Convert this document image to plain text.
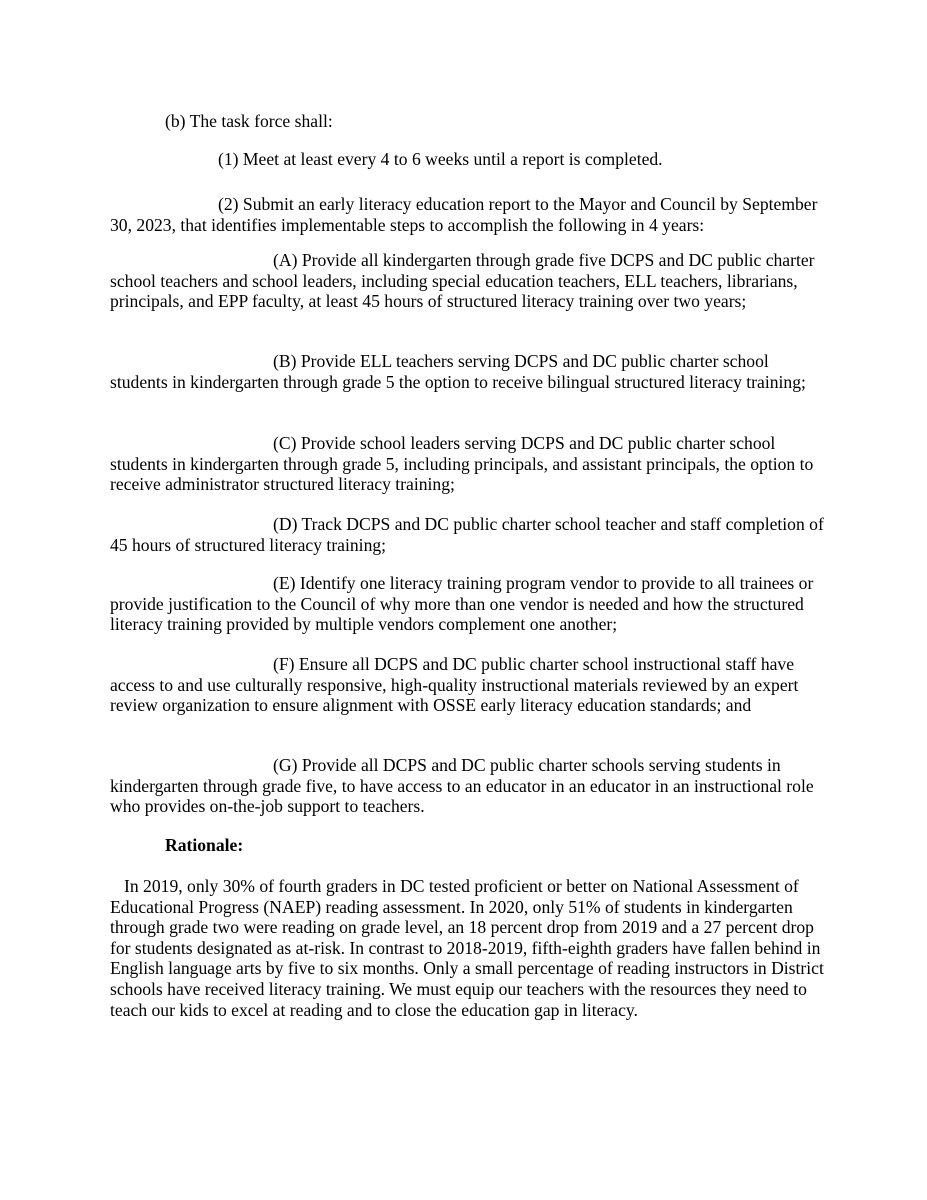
(b) The task force shall:

(1) Meet at least every 4 to 6 weeks until a report is completed.

(2) Submit an early literacy education report to the Mayor and Council by September 30, 2023, that identifies implementable steps to accomplish the following in 4 years:

(A) Provide all kindergarten through grade five DCPS and DC public charter school teachers and school leaders, including special education teachers, ELL teachers, librarians, principals, and EPP faculty, at least 45 hours of structured literacy training over two years;

(B) Provide ELL teachers serving DCPS and DC public charter school students in kindergarten through grade 5 the option to receive bilingual structured literacy training;

(C) Provide school leaders serving DCPS and DC public charter school students in kindergarten through grade 5, including principals, and assistant principals, the option to receive administrator structured literacy training;

(D) Track DCPS and DC public charter school teacher and staff completion of 45 hours of structured literacy training;

(E) Identify one literacy training program vendor to provide to all trainees or provide justification to the Council of why more than one vendor is needed and how the structured literacy training provided by multiple vendors complement one another;

(F) Ensure all DCPS and DC public charter school instructional staff have access to and use culturally responsive, high-quality instructional materials reviewed by an expert review organization to ensure alignment with OSSE early literacy education standards; and

(G) Provide all DCPS and DC public charter schools serving students in kindergarten through grade five, to have access to an educator in an educator in an instructional role who provides on-the-job support to teachers.

Rationale:

In 2019, only 30% of fourth graders in DC tested proficient or better on National Assessment of Educational Progress (NAEP) reading assessment. In 2020, only 51% of students in kindergarten through grade two were reading on grade level, an 18 percent drop from 2019 and a 27 percent drop for students designated as at-risk. In contrast to 2018-2019, fifth-eighth graders have fallen behind in English language arts by five to six months. Only a small percentage of reading instructors in District schools have received literacy training. We must equip our teachers with the resources they need to teach our kids to excel at reading and to close the education gap in literacy.
